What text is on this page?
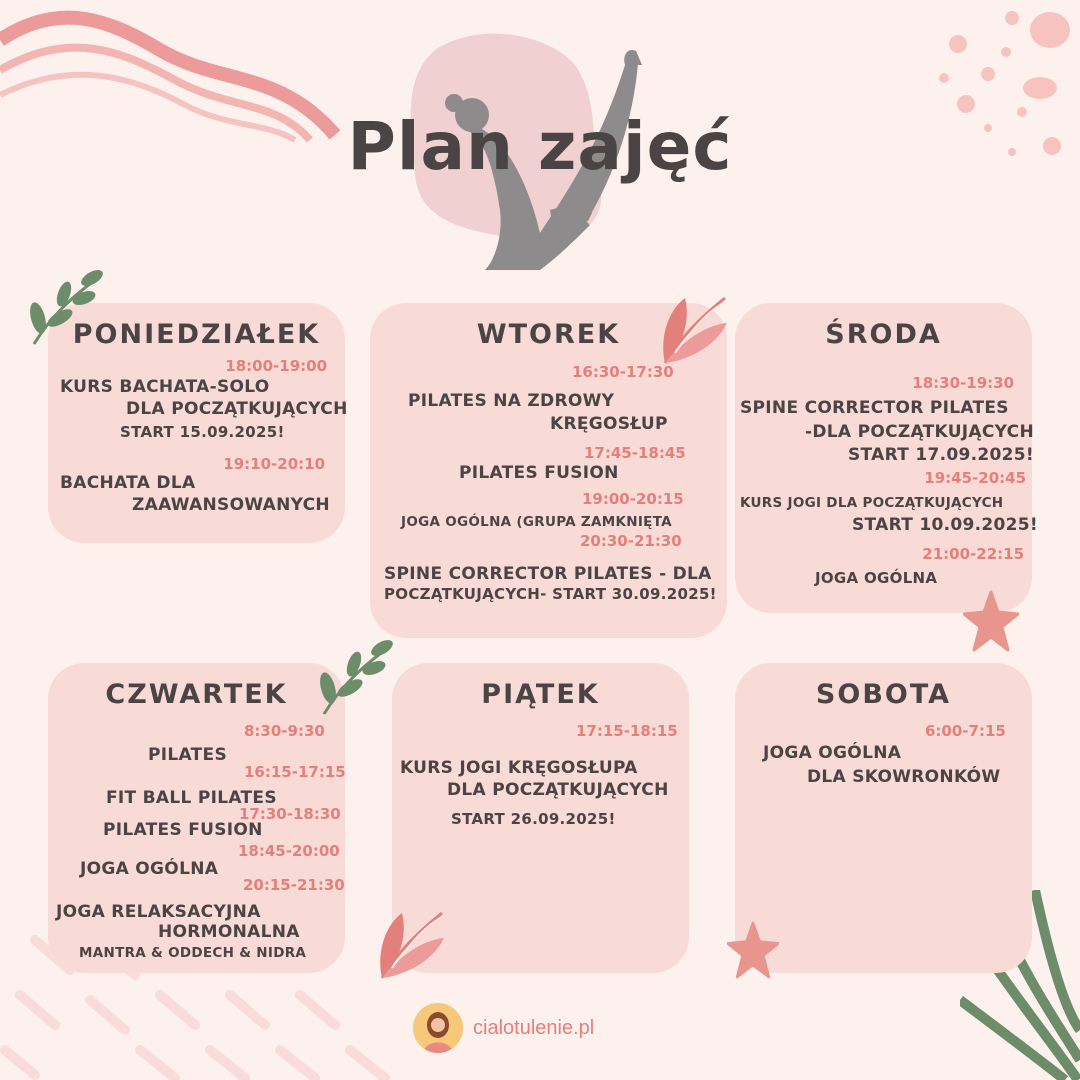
Plan zajęć
PONIEDZIAŁEK
18:00-19:00
KURS BACHATA-SOLO
DLA POCZĄTKUJĄCYCH
START 15.09.2025!
19:10-20:10
BACHATA DLA
ZAAWANSOWANYCH
WTOREK
16:30-17:30
PILATES NA ZDROWY
KRĘGOSŁUP
17:45-18:45
PILATES FUSION
19:00-20:15
JOGA OGÓLNA (GRUPA ZAMKNIĘTA
20:30-21:30
SPINE CORRECTOR PILATES - DLA
POCZĄTKUJĄCYCH- START 30.09.2025!
ŚRODA
18:30-19:30
SPINE CORRECTOR PILATES
-DLA POCZĄTKUJĄCYCH
START 17.09.2025!
19:45-20:45
KURS JOGI DLA POCZĄTKUJĄCYCH
START 10.09.2025!
21:00-22:15
JOGA OGÓLNA
CZWARTEK
8:30-9:30
PILATES
16:15-17:15
FIT BALL PILATES
17:30-18:30
PILATES FUSION
18:45-20:00
JOGA OGÓLNA
20:15-21:30
JOGA RELAKSACYJNA
HORMONALNA
MANTRA & ODDECH & NIDRA
PIĄTEK
17:15-18:15
KURS JOGI KRĘGOSŁUPA
DLA POCZĄTKUJĄCYCH
START 26.09.2025!
SOBOTA
6:00-7:15
JOGA OGÓLNA
DLA SKOWRONKÓW
cialotulenie.pl
